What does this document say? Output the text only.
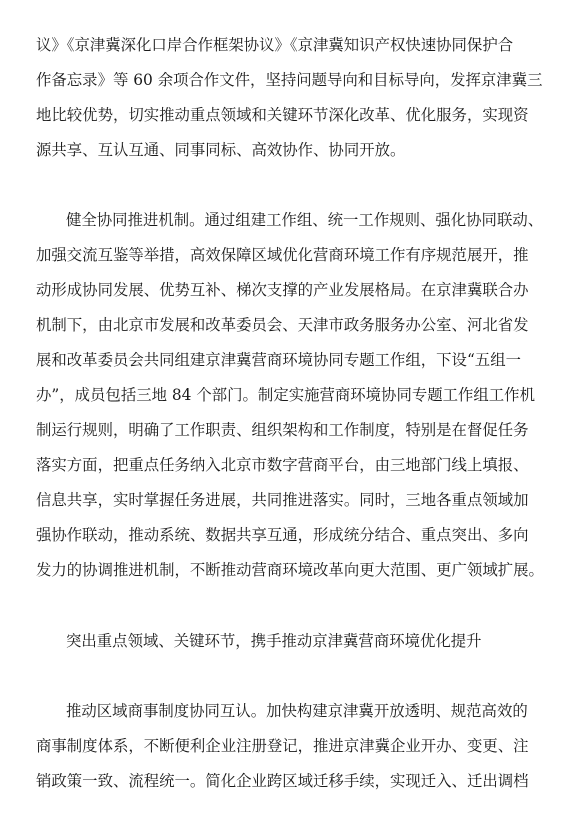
议》《京津冀深化口岸合作框架协议》《京津冀知识产权快速协同保护合
作备忘录》等 60 余项合作文件，坚持问题导向和目标导向，发挥京津冀三
地比较优势，切实推动重点领域和关键环节深化改革、优化服务，实现资
源共享、互认互通、同事同标、高效协作、协同开放。
健全协同推进机制。通过组建工作组、统一工作规则、强化协同联动、
加强交流互鉴等举措，高效保障区域优化营商环境工作有序规范展开，推
动形成协同发展、优势互补、梯次支撑的产业发展格局。在京津冀联合办
机制下，由北京市发展和改革委员会、天津市政务服务办公室、河北省发
展和改革委员会共同组建京津冀营商环境协同专题工作组，下设“五组一
办”，成员包括三地 84 个部门。制定实施营商环境协同专题工作组工作机
制运行规则，明确了工作职责、组织架构和工作制度，特别是在督促任务
落实方面，把重点任务纳入北京市数字营商平台，由三地部门线上填报、
信息共享，实时掌握任务进展，共同推进落实。同时，三地各重点领域加
强协作联动，推动系统、数据共享互通，形成统分结合、重点突出、多向
发力的协调推进机制，不断推动营商环境改革向更大范围、更广领域扩展。
突出重点领域、关键环节，携手推动京津冀营商环境优化提升
推动区域商事制度协同互认。加快构建京津冀开放透明、规范高效的
商事制度体系，不断便利企业注册登记，推进京津冀企业开办、变更、注
销政策一致、流程统一。简化企业跨区域迁移手续，实现迁入、迁出调档
